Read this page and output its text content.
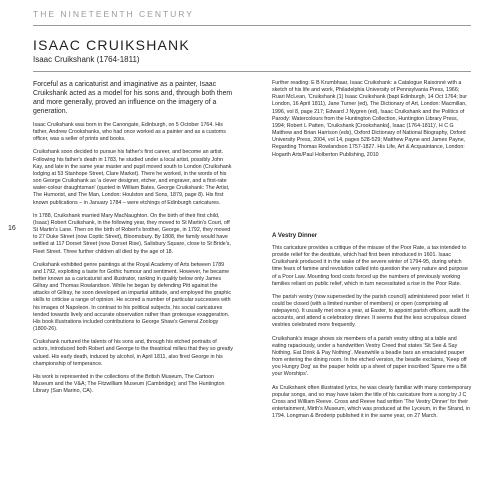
THE NINETEENTH CENTURY
ISAAC CRUIKSHANK
Isaac Cruikshank (1764-1811)
16

Forceful as a caricaturist and imaginative as a painter, Isaac Cruikshank acted as a model for his sons and, through both them and more generally, proved an influence on the imagery of a generation.

Isaac Cruikshank was born in the Canongate, Edinburgh, on 5 October 1764. His father, Andrew Crookshanks, who had once worked as a painter and as a customs officer, was a seller of prints and books.

Cruikshank soon decided to pursue his father's first career, and become an artist. Following his father's death in 1783, he studied under a local artist, possibly John Kay, and late in the same year master and pupil moved south to London (Cruikshank lodging at 53 Stanhope Street, Clare Market). There he worked, in the words of his son George Cruikshank as 'a clever designer, etcher, and engraver, and a first-rate water-colour draughtsman' (quoted in William Bates, George Cruikshank: The Artist, The Humorist, and The Man, London: Houlston and Sons, 1879, page 8). His first known publications – in January 1784 – were etchings of Edinburgh caricatures.

In 1788, Cruikshank married Mary MacNaughton. On the birth of their first child, (Isaac) Robert Cruikshank, in the following year, they moved to St Martin's Court, off St Martin's Lane. Then on the birth of Robert's brother, George, in 1792, they moved to 27 Duke Street (now Coptic Street), Bloomsbury. By 1808, the family would have settled at 117 Dorset Street (now Dorset Rise), Salisbury Square, close to St Bride's, Fleet Street. Three further children all died by the age of 18.

Cruikshank exhibited genre paintings at the Royal Academy of Arts between 1789 and 1792, exploiting a taste for Gothic humour and sentiment. However, he became better known as a caricaturist and illustrator, ranking in quality below only James Gillray and Thomas Rowlandson. While he began by defending Pitt against the attacks of Gillray, he soon developed an impartial attitude, and employed the graphic skills to criticise a range of opinion. He scored a number of particular successes with his images of Napoleon. In contrast to his political subjects, his social caricatures tended towards lively and accurate observation rather than grotesque exaggeration. His book illustrations included contributions to George Shaw's General Zoology (1800-26).

Cruikshank nurtured the talents of his sons and, through his etched portraits of actors, introduced both Robert and George to the theatrical milieu that they so greatly valued. His early death, induced by alcohol, in April 1811, also fired George in his championship of temperance.

His work is represented in the collections of the British Museum, The Cartoon Museum and the V&A; The Fitzwilliam Museum (Cambridge); and The Huntington Library (San Marino, CA).

Further reading: E B Krumbhaar, Isaac Cruikshank: a Catalogue Raisonné with a sketch of his life and work, Philadelphia University of Pennsylvania Press, 1966; Ruari McLean, 'Cruikshank (1) Isaac Cruikshank (bapt Edinburgh, 14 Oct 1764; bur London, 16 April 1811), Jane Turner (ed), The Dictionary of Art, London: Macmillan, 1996, vol 8, page 217; Edward J Nygren (ed), Isaac Cruikshank and the Politics of Parody: Watercolours from the Huntington Collection, Huntington Library Press, 1994; Robert L Patten, 'Cruikshank [Crookshanks], Isaac (1764-1811)', H C G Matthew and Brian Harrison (eds), Oxford Dictionary of National Biography, Oxford University Press, 2004, vol 14, pages 528-529; Matthew Payne and James Payne, Regarding Thomas Rowlandson 1757-1827. His Life, Art & Acquaintance, London: Hogarth Arts/Paul Holberton Publishing, 2010

A Vestry Dinner

This caricature provides a critique of the misuse of the Poor Rate, a tax intended to provide relief for the destitute, which had first been introduced in 1601. Isaac Cruikshank produced it in the wake of the severe winter of 1794-95, during which time fears of famine and revolution called into question the very nature and purpose of a Poor Law. Mounting food costs forced up the numbers of previously working families reliant on public relief, which in turn necessitated a rise in the Poor Rate.

The parish vestry (now superseded by the parish council) administered poor relief. It could be closed (with a limited number of members) or open (comprising all ratepayers). It usually met once a year, at Easter, to appoint parish officers, audit the accounts, and attend a celebratory dinner. It seems that the less scrupulous closed vestries celebrated more frequently.

Cruikshank's image shows six members of a parish vestry sitting at a table and eating rapaciously, under a handwritten Vestry Creed that states 'Sit See & Say Nothing. Eat Drink & Pay Nothing'. Meanwhile a beadle bars an emaciated pauper from entering the dining room. In the etched version, the beadle exclaims, 'Keep off you Hungry Dog' as the pauper holds up a sheet of paper inscribed 'Spare me a Bit your Worships'.

As Cruikshank often illustrated lyrics, he was clearly familiar with many contemporary popular songs, and so may have taken the title of his caricature from a song by J C Cross and William Reeve. Cross and Reeve had written 'The Vestry Dinner' for their entertainment, Mirth's Museum, which was produced at the Lyceum, in the Strand, in 1794. Longman & Broderip published it in the same year, on 27 March.
